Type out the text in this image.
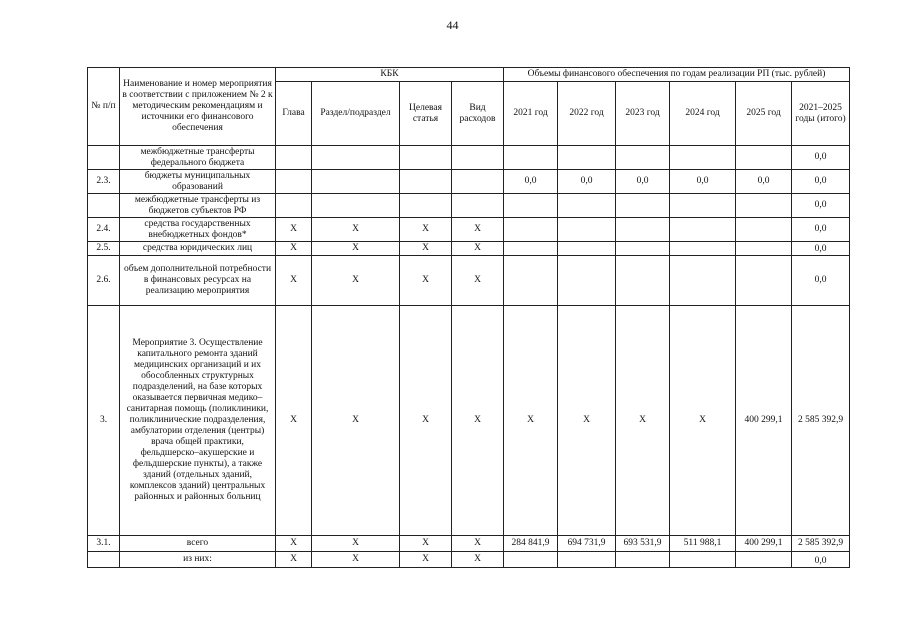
44
№ п/п	Наименование и номер мероприятия в соответствии с приложением № 2 к методическим рекомендациям и источники его финансового обеспечения	КБК				Объемы финансового обеспечения по годам реализации РП (тыс. рублей)					
		Глава	Раздел/подраздел	Целевая статья	Вид расходов	2021 год	2022 год	2023 год	2024 год	2025 год	2021–2025 годы (итого)
	межбюджетные трансферты федерального бюджета										0,0
2.3.	бюджеты муниципальных образований					0,0	0,0	0,0	0,0	0,0	0,0
	межбюджетные трансферты из бюджетов субъектов РФ										0,0
2.4.	средства государственных внебюджетных фондов*	Х	Х	Х	Х						0,0
2.5.	средства юридических лиц	Х	Х	Х	Х						0,0
2.6.	объем дополнительной потребности в финансовых ресурсах на реализацию мероприятия	Х	Х	Х	Х						0,0
3.	Мероприятие 3. Осуществление капитального ремонта зданий медицинских организаций и их обособленных структурных подразделений, на базе которых оказывается первичная медико–санитарная помощь (поликлиники, поликлинические подразделения, амбулатории отделения (центры) врача общей практики, фельдшерско–акушерские и фельдшерские пункты), а также зданий (отдельных зданий, комплексов зданий) центральных районных и районных больниц	Х	Х	Х	Х	Х	Х	Х	Х	400 299,1	2 585 392,9
3.1.	всего	Х	Х	Х	Х	284 841,9	694 731,9	693 531,9	511 988,1	400 299,1	2 585 392,9
	из них:	Х	Х	Х	Х						0,0
